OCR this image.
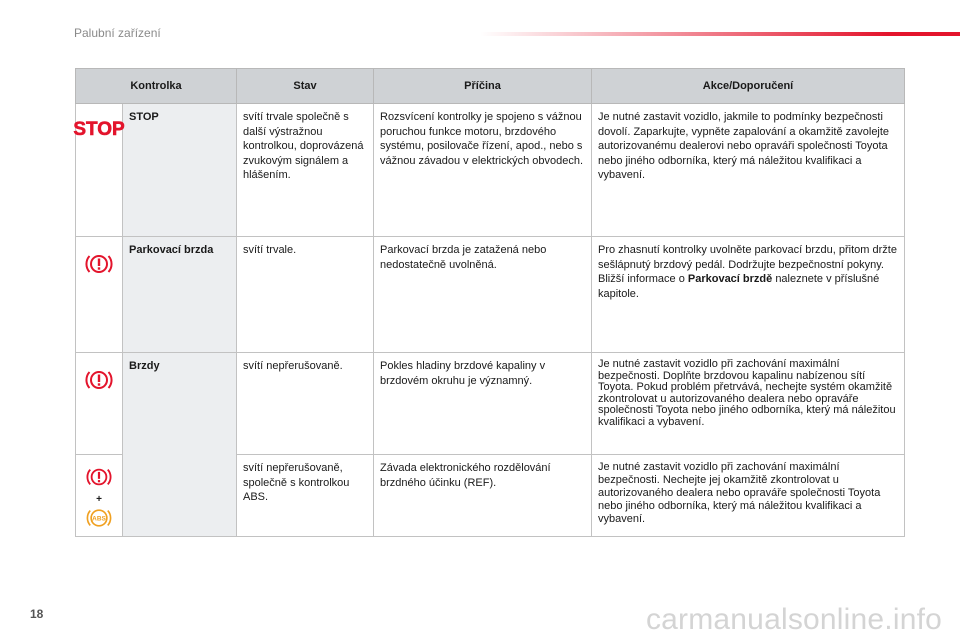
Palubní zařízení
Kontrolka		Stav	Příčina	Akce/Doporučení

STOP	STOP	svítí trvale společně s další výstražnou kontrolkou, doprovázená zvukovým signálem a hlášením.	Rozsvícení kontrolky je spojeno s vážnou poruchou funkce motoru, brzdového systému, posilovače řízení, apod., nebo s vážnou závadou v elektrických obvodech.	Je nutné zastavit vozidlo, jakmile to podmínky bezpečnosti dovolí. Zaparkujte, vypněte zapalování a okamžitě zavolejte autorizovanému dealerovi nebo opraváři společnosti Toyota nebo jiného odborníka, který má náležitou kvalifikaci a vybavení.
	Parkovací brzda	svítí trvale.	Parkovací brzda je zatažená nebo nedostatečně uvolněná.	Pro zhasnutí kontrolky uvolněte parkovací brzdu, přitom držte sešlápnutý brzdový pedál. Dodržujte bezpečnostní pokyny. Bližší informace o Parkovací brzdě naleznete v příslušné kapitole.
	Brzdy	svítí nepřerušovaně.	Pokles hladiny brzdové kapaliny v brzdovém okruhu je významný.	Je nutné zastavit vozidlo při zachování maximální bezpečnosti. Doplňte brzdovou kapalinu nabízenou sítí Toyota. Pokud problém přetrvává, nechejte systém okamžitě zkontrolovat u autorizovaného dealera nebo opraváře společnosti Toyota nebo jiného odborníka, který má náležitou kvalifikaci a vybavení.

+
ABS		svítí nepřerušovaně, společně s kontrolkou ABS.	Závada elektronického rozdělování brzdného účinku (REF).	Je nutné zastavit vozidlo při zachování maximální bezpečnosti. Nechejte jej okamžitě zkontrolovat u autorizovaného dealera nebo opraváře společnosti Toyota nebo jiného odborníka, který má náležitou kvalifikaci a vybavení.
18	carmanualsonline.info
